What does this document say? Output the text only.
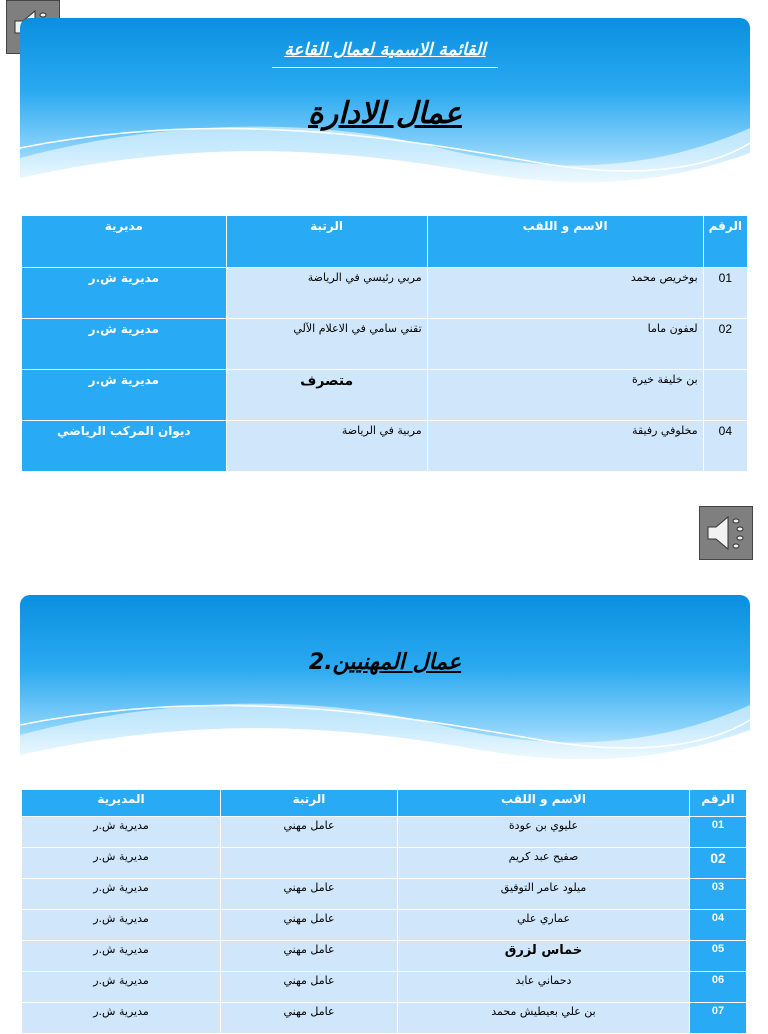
القائمة الاسمية لعمال القاعة
عمال الادارة
الرقم	الاسم و اللقب	الرتبة	مديرية
01	بوخريص محمد	مربي رئيسي في الرياضة	مديرية ش.ر
02	لعفون ماما	تقني سامي في الاعلام الآلي	مديرية ش.ر
	بن خليفة خيرة	متصرف	مديرية ش.ر
04	مخلوفي رفيقة	مربية في الرياضة	ديوان المركب الرياضي
عمال المهنيين.2
الرقم	الاسم و اللقب	الرتبة	المديرية
01	عليوي بن عودة	عامل مهني	مديرية ش.ر
02	صفيح عبد كريم		مديرية ش.ر
03	ميلود عامر التوفيق	عامل مهني	مديرية ش.ر
04	عماري علي	عامل مهني	مديرية ش.ر
05	خماس لزرق	عامل مهني	مديرية ش.ر
06	دحماني عابد	عامل مهني	مديرية ش.ر
07	بن علي بعيطيش محمد	عامل مهني	مديرية ش.ر
